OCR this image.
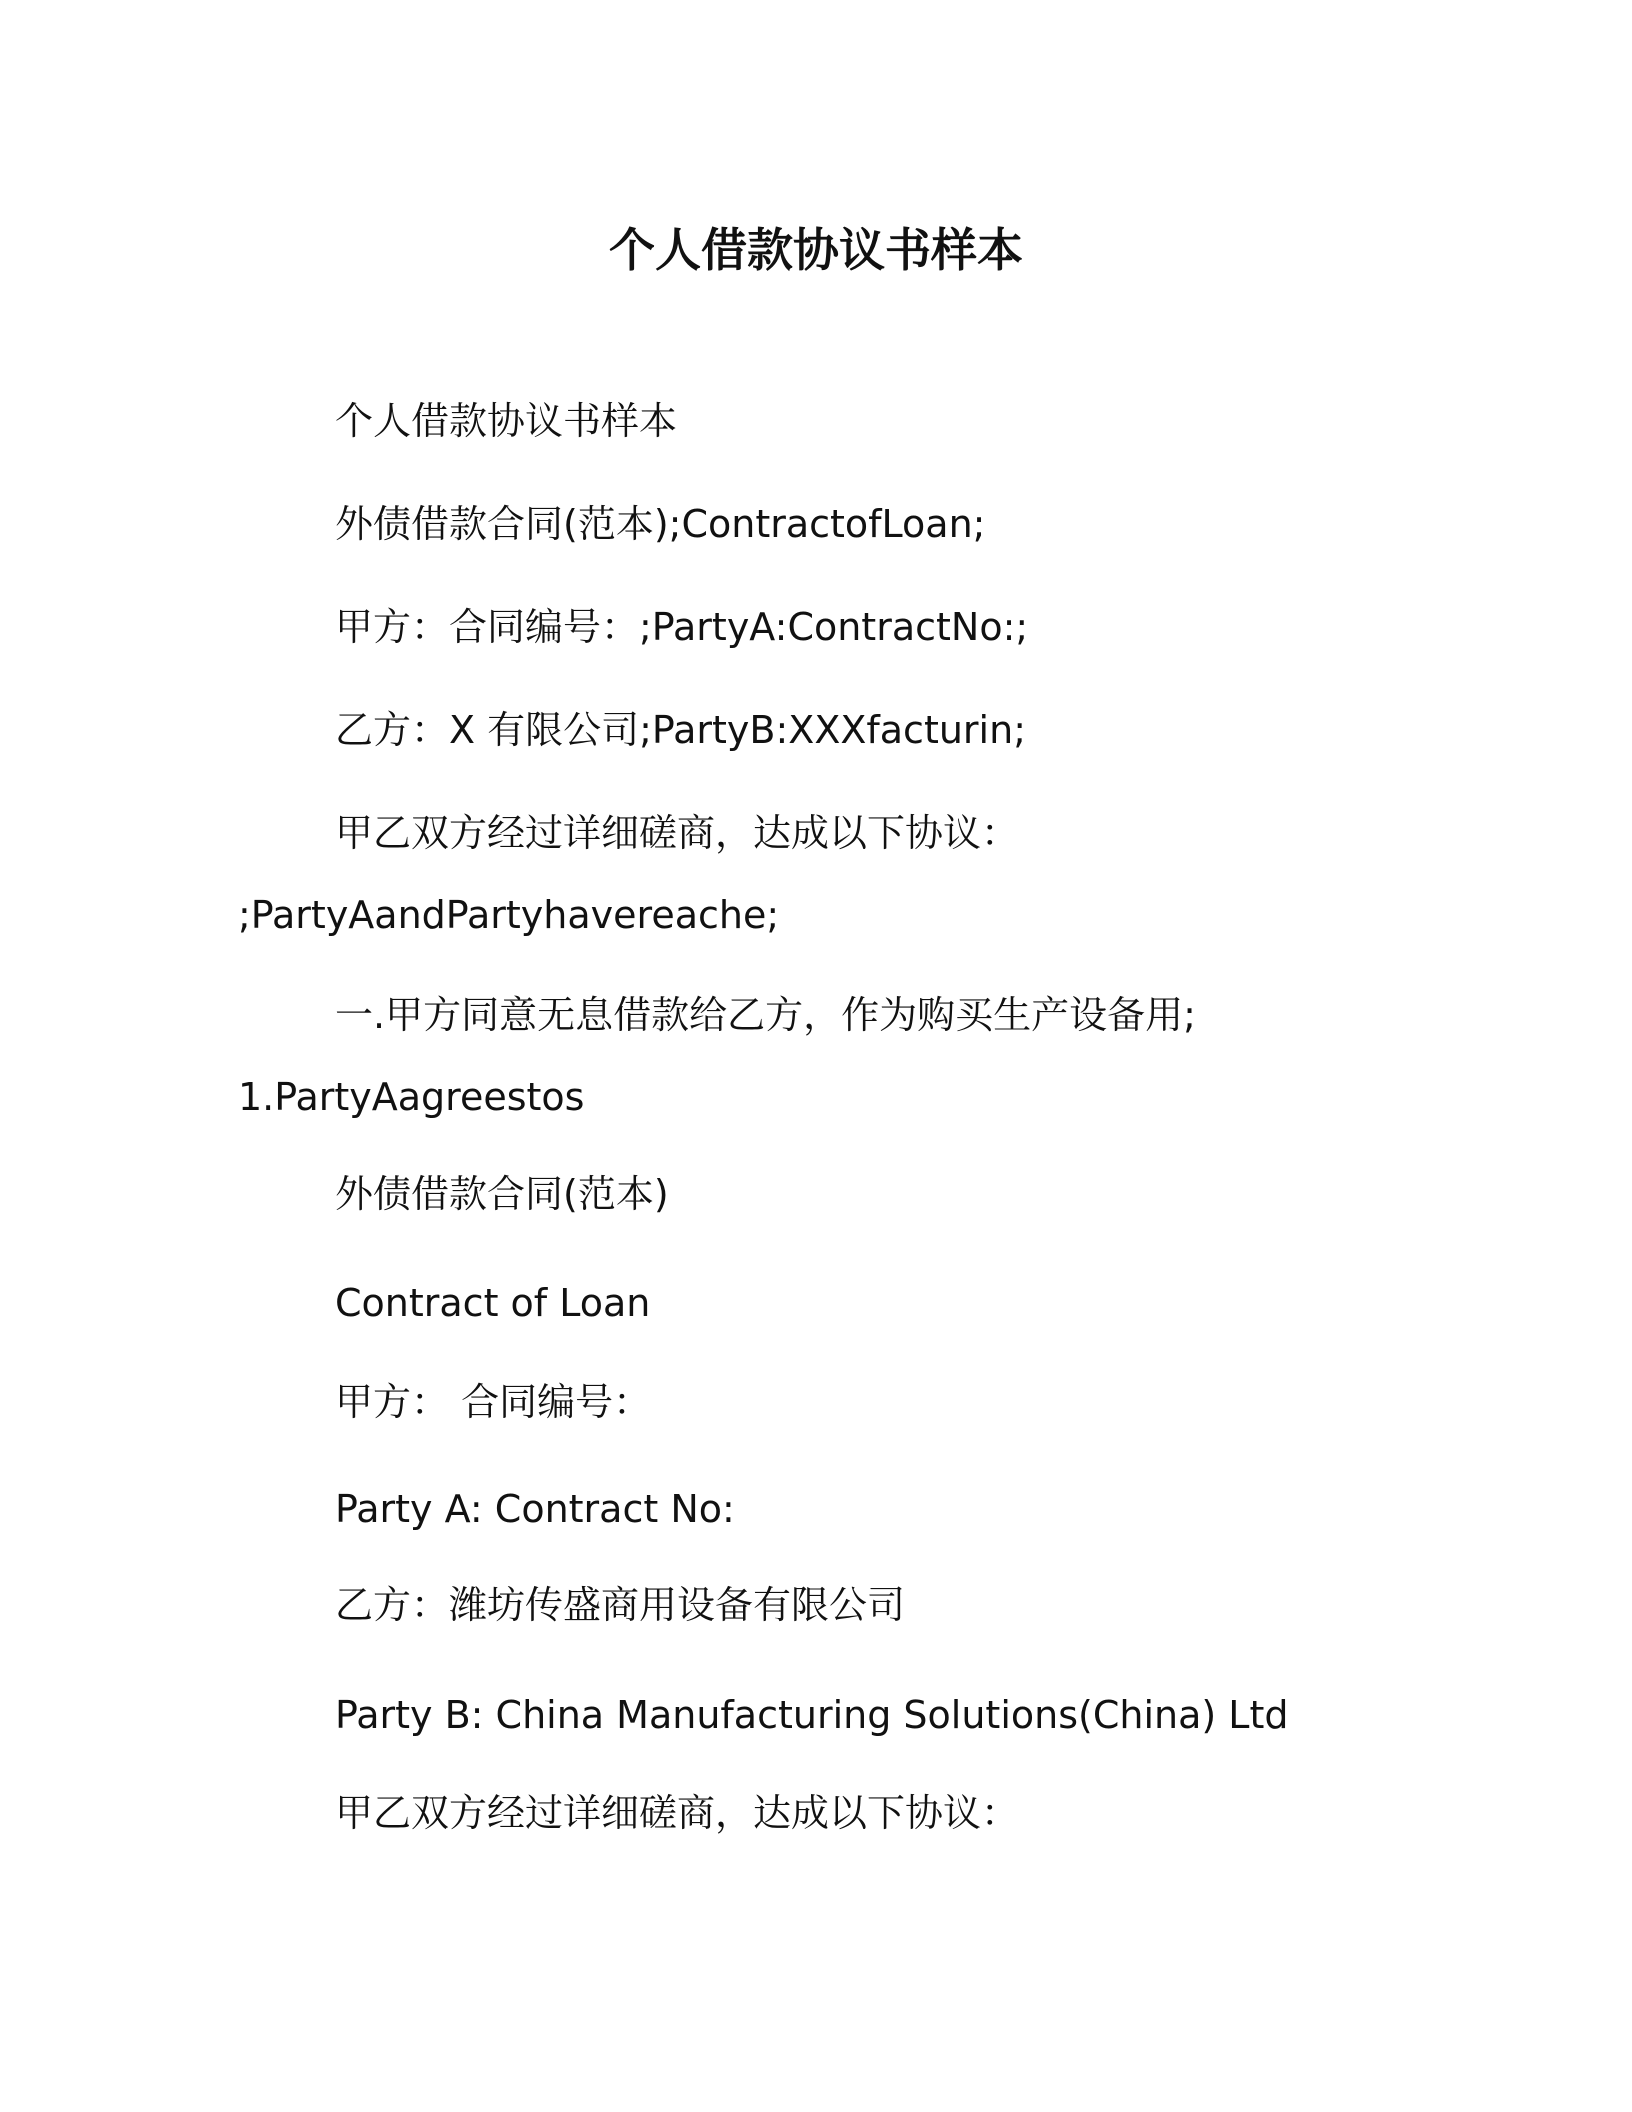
个人借款协议书样本
个人借款协议书样本
外债借款合同(范本);ContractofLoan;
甲方：合同编号：;PartyA:ContractNo:;
乙方：X 有限公司;PartyB:XXXfacturin;
甲乙双方经过详细磋商，达成以下协议：
;PartyAandPartyhavereache;
一.甲方同意无息借款给乙方，作为购买生产设备用;
1.PartyAagreestos
外债借款合同(范本)
Contract of Loan
甲方： 合同编号：
Party A: Contract No:
乙方：潍坊传盛商用设备有限公司
Party B: China Manufacturing Solutions(China) Ltd
甲乙双方经过详细磋商，达成以下协议：
